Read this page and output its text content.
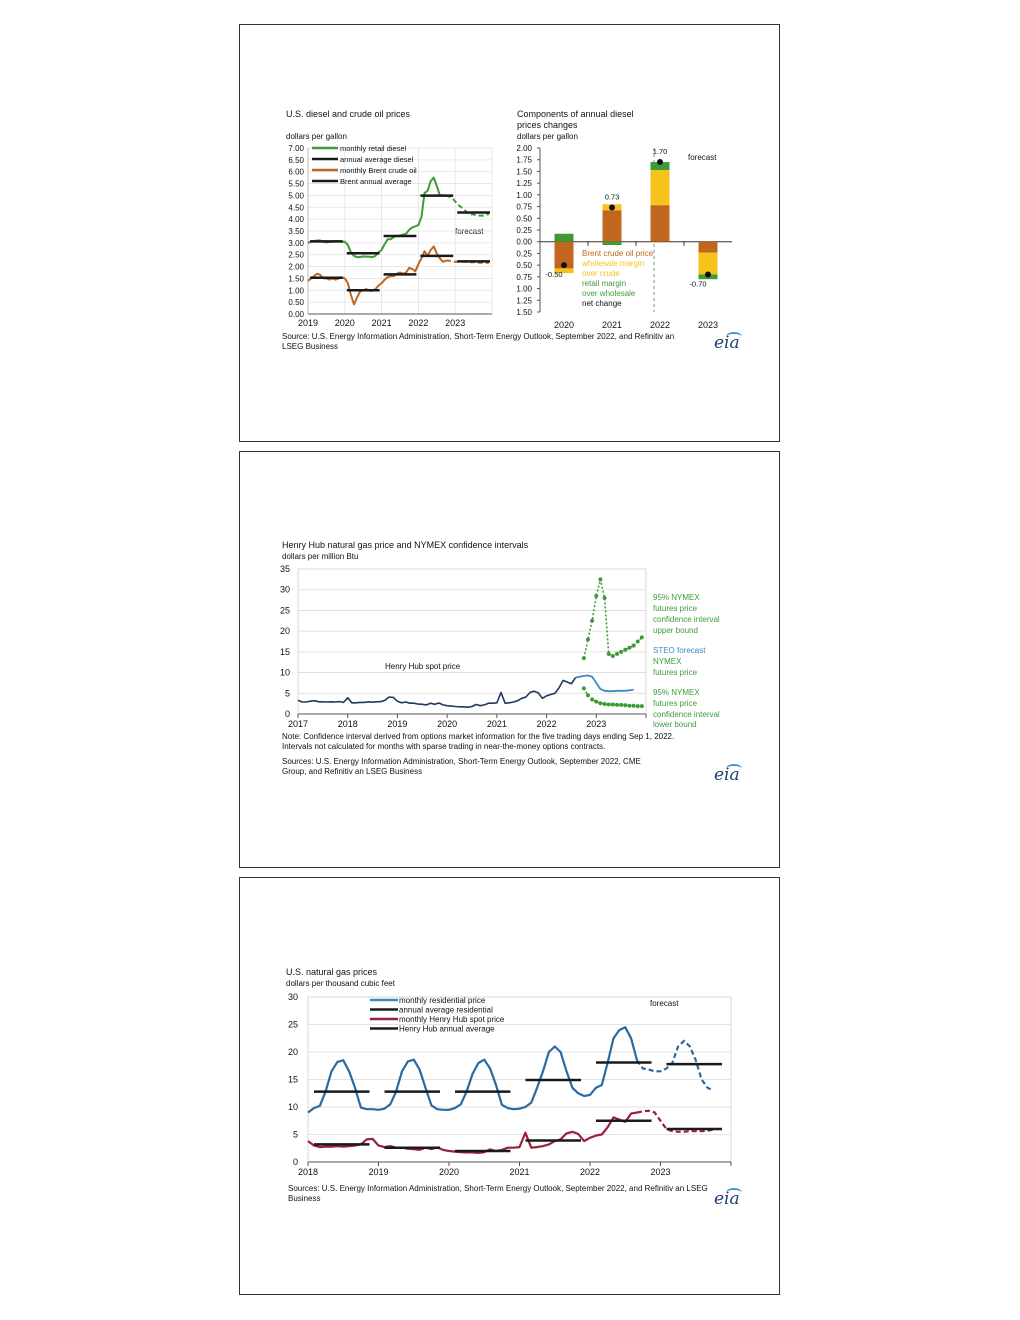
U.S. diesel and crude oil prices
dollars per gallon
forecast
0.00
0.50
1.00
1.50
2.00
2.50
3.00
3.50
4.00
4.50
5.00
5.50
6.00
6.50
7.00
2019 2020 2021 2022 2023
monthly retail diesel
annual average diesel
monthly Brent crude oil
Brent annual average
Components of annual diesel
prices changes
dollars per gallon
forecast
2.00
1.75
1.50
1.25
1.00
0.75
0.50
0.25
0.00
0.25
0.50
0.75
1.00
1.25
1.50
-0.50
2020
0.73
2021
1.70
2022
-0.70
2023
Brent crude oil price
wholesale margin
over crude
retail margin
over wholesale
net change
Source: U.S. Energy Information Administration, Short-Term Energy Outlook, September 2022, and Refinitiv an LSEG Business	eia
Henry Hub natural gas price and NYMEX confidence intervals
dollars per million Btu
Henry Hub spot price
0
5
10
15
20
25
30
35
2017	2018	2019	2020	2021	2022	2023
95% NYMEX
futures price
confidence interval
upper bound
STEO forecast
NYMEX
futures price
95% NYMEX
futures price
confidence interval
lower bound
Note: Confidence interval derived from options market information for the five trading days ending Sep 1, 2022. Intervals not calculated for months with sparse trading in near-the-money options contracts.
Sources: U.S. Energy Information Administration, Short-Term Energy Outlook, September 2022, CME Group, and Refinitiv an LSEG Business	eia
U.S. natural gas prices
dollars per thousand cubic feet
forecast
0
5
10
15
20
25
30
2018	2019	2020	2021	2022	2023
monthly residential price
annual average residential
monthly Henry Hub spot price
Henry Hub annual average
Sources: U.S. Energy Information Administration, Short-Term Energy Outlook, September 2022, and Refinitiv an LSEG Business	eia
